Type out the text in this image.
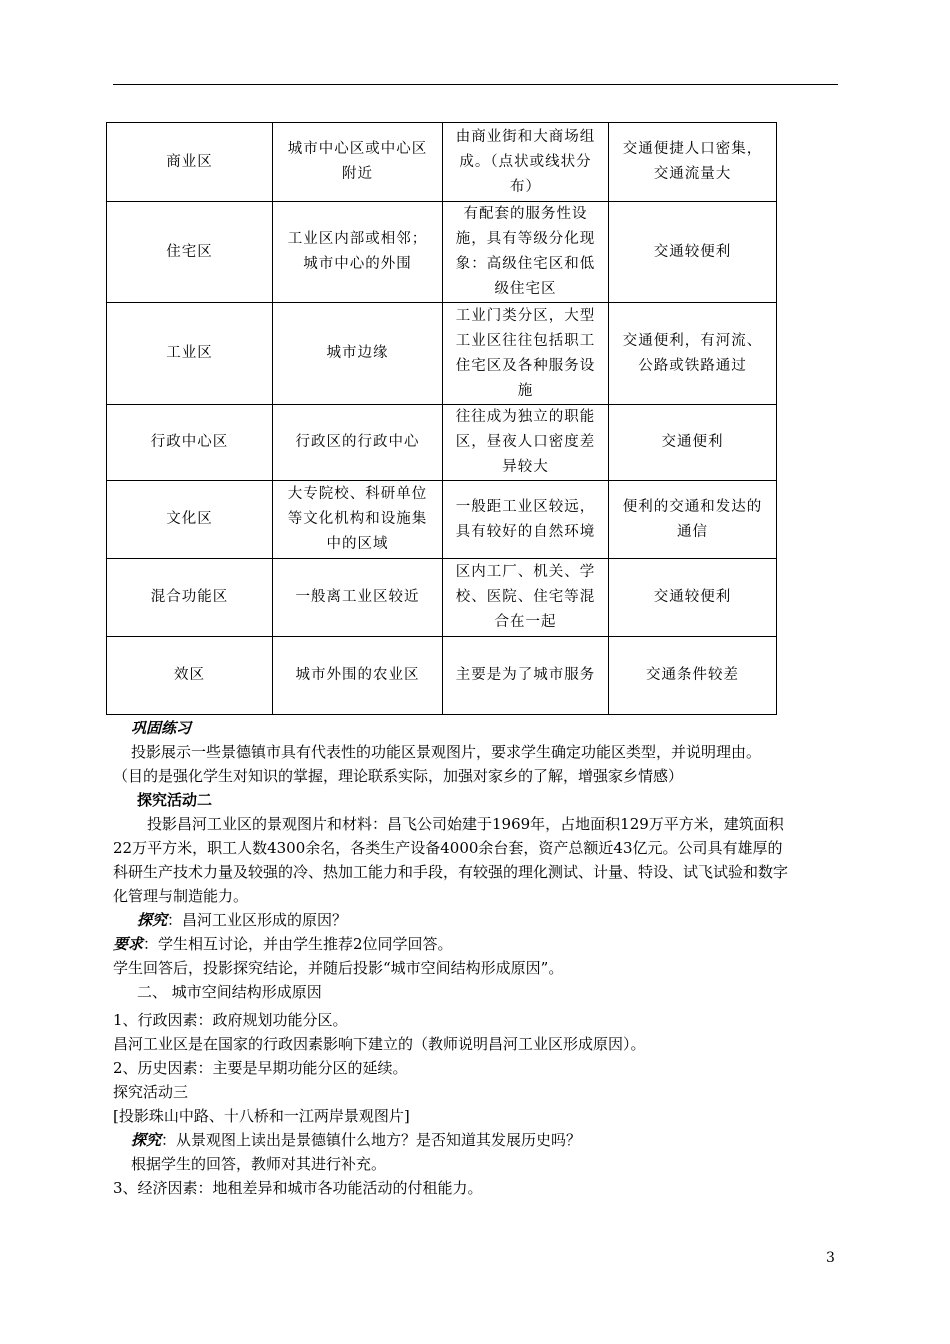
商业区	城市中心区或中心区附近	由商业街和大商场组成。（点状或线状分布）	交通便捷人口密集，交通流量大
住宅区	工业区内部或相邻；城市中心的外围	有配套的服务性设施，具有等级分化现象：高级住宅区和低级住宅区	交通较便利
工业区	城市边缘	工业门类分区，大型工业区往往包括职工住宅区及各种服务设施	交通便利，有河流、公路或铁路通过
行政中心区	行政区的行政中心	往往成为独立的职能区，昼夜人口密度差异较大	交通便利
文化区	大专院校、科研单位等文化机构和设施集中的区域	一般距工业区较远，具有较好的自然环境	便利的交通和发达的通信
混合功能区	一般离工业区较近	区内工厂、机关、学校、医院、住宅等混合在一起	交通较便利
效区	城市外围的农业区	主要是为了城市服务	交通条件较差

巩固练习

投影展示一些景德镇市具有代表性的功能区景观图片，要求学生确定功能区类型，并说明理由。

（目的是强化学生对知识的掌握，理论联系实际，加强对家乡的了解，增强家乡情感）

探究活动二

投影昌河工业区的景观图片和材料：昌飞公司始建于1969年，占地面积129万平方米，建筑面积

22万平方米，职工人数4300余名，各类生产设备4000余台套，资产总额近43亿元。公司具有雄厚的

科研生产技术力量及较强的冷、热加工能力和手段，有较强的理化测试、计量、特设、试飞试验和数字

化管理与制造能力。

探究：昌河工业区形成的原因？

要求：学生相互讨论，并由学生推荐2位同学回答。

学生回答后，投影探究结论，并随后投影“城市空间结构形成原因”。

二、 城市空间结构形成原因

1、行政因素：政府规划功能分区。

昌河工业区是在国家的行政因素影响下建立的（教师说明昌河工业区形成原因）。

2、历史因素：主要是早期功能分区的延续。

探究活动三

[投影珠山中路、十八桥和一江两岸景观图片]

探究：从景观图上读出是景德镇什么地方？是否知道其发展历史吗？

根据学生的回答，教师对其进行补充。

3、经济因素：地租差异和城市各功能活动的付租能力。

3
